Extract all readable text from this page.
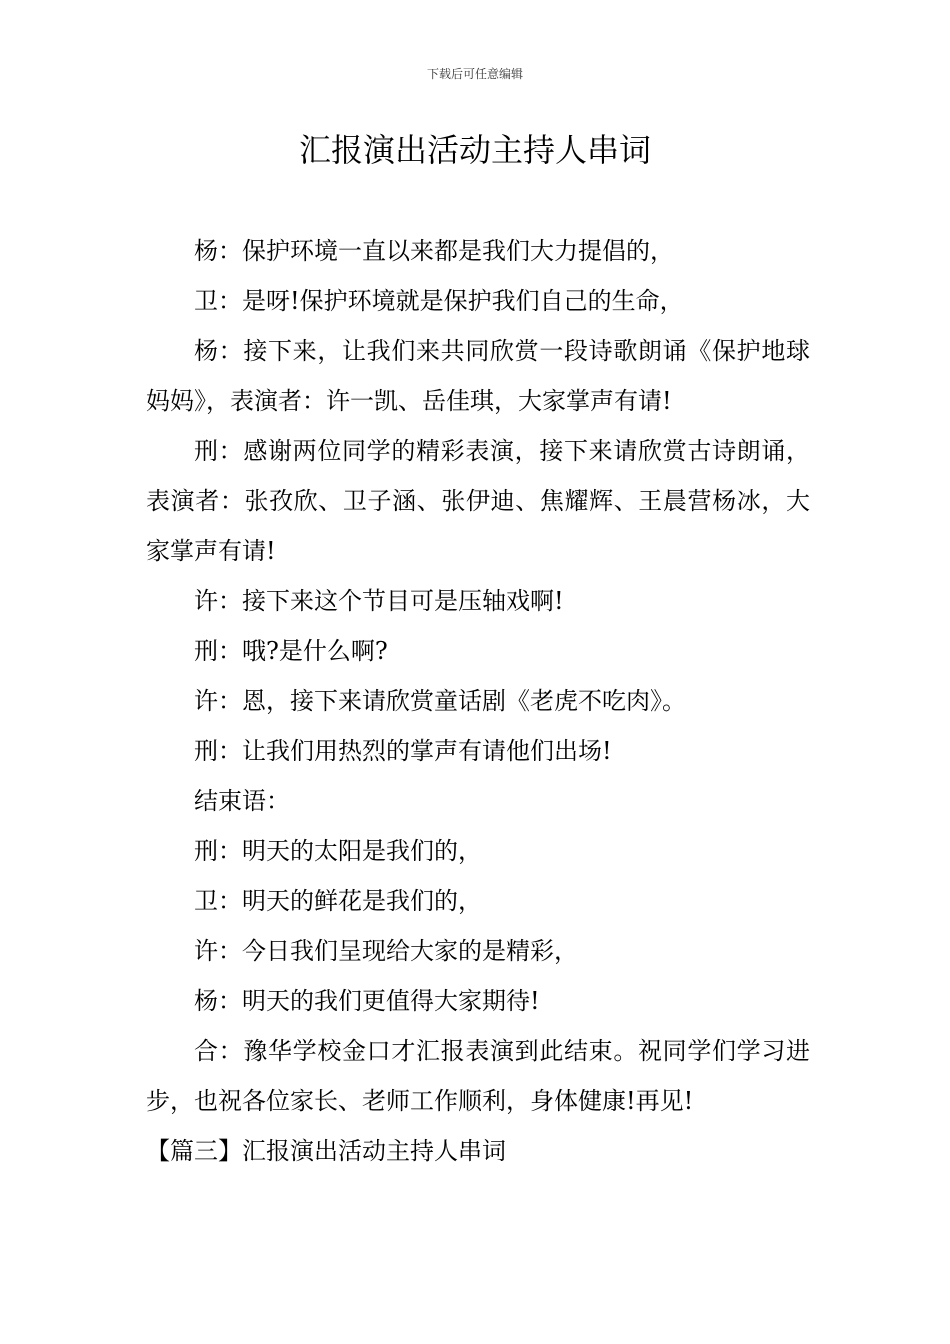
下载后可任意编辑
汇报演出活动主持人串词

杨：保护环境一直以来都是我们大力提倡的，

卫：是呀!保护环境就是保护我们自己的生命，

杨：接下来，让我们来共同欣赏一段诗歌朗诵《保护地球妈妈》，表演者：许一凯、岳佳琪，大家掌声有请!

刑：感谢两位同学的精彩表演，接下来请欣赏古诗朗诵，表演者：张孜欣、卫子涵、张伊迪、焦耀辉、王晨营杨冰，大家掌声有请!

许：接下来这个节目可是压轴戏啊!

刑：哦?是什么啊?

许：恩，接下来请欣赏童话剧《老虎不吃肉》。

刑：让我们用热烈的掌声有请他们出场!

结束语：

刑：明天的太阳是我们的，

卫：明天的鲜花是我们的，

许：今日我们呈现给大家的是精彩，

杨：明天的我们更值得大家期待!

合：豫华学校金口才汇报表演到此结束。祝同学们学习进步，也祝各位家长、老师工作顺利，身体健康!再见!

【篇三】汇报演出活动主持人串词
